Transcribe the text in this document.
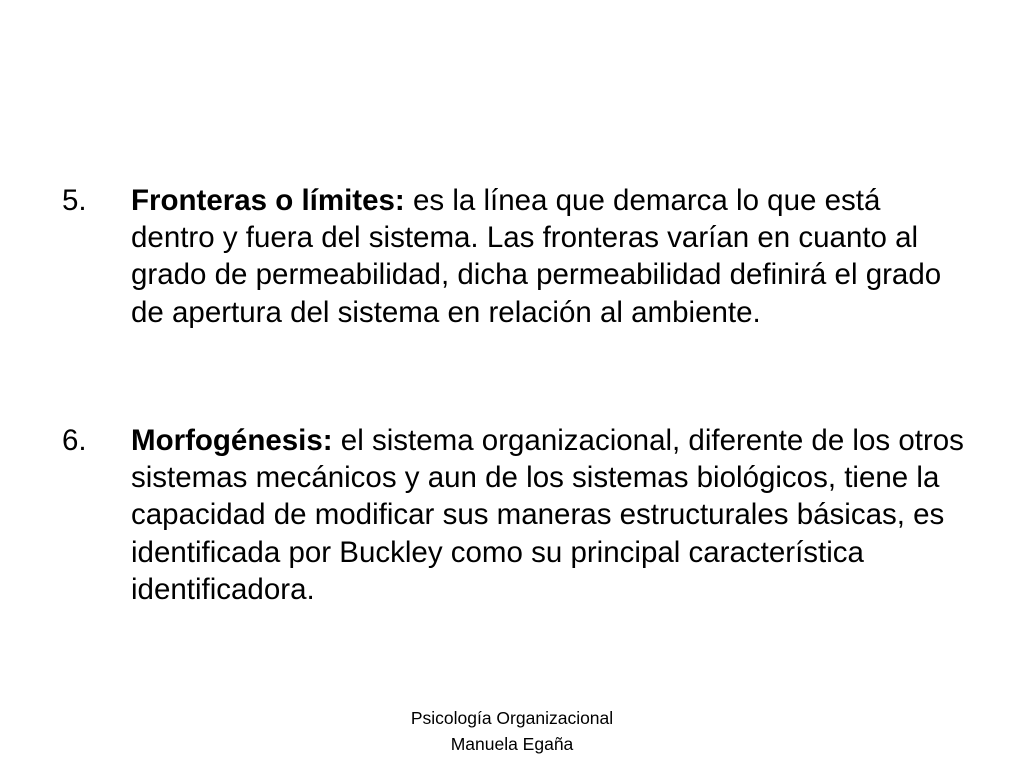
5.	Fronteras o límites: es la línea que demarca lo que está dentro y fuera del sistema. Las fronteras varían en cuanto al grado de permeabilidad, dicha permeabilidad definirá el grado de apertura del sistema en relación al ambiente.
6.	Morfogénesis: el sistema organizacional, diferente de los otros sistemas mecánicos y aun de los sistemas biológicos, tiene la capacidad de modificar sus maneras estructurales básicas, es identificada por Buckley como su principal característica identificadora.
Psicología Organizacional
Manuela Egaña
